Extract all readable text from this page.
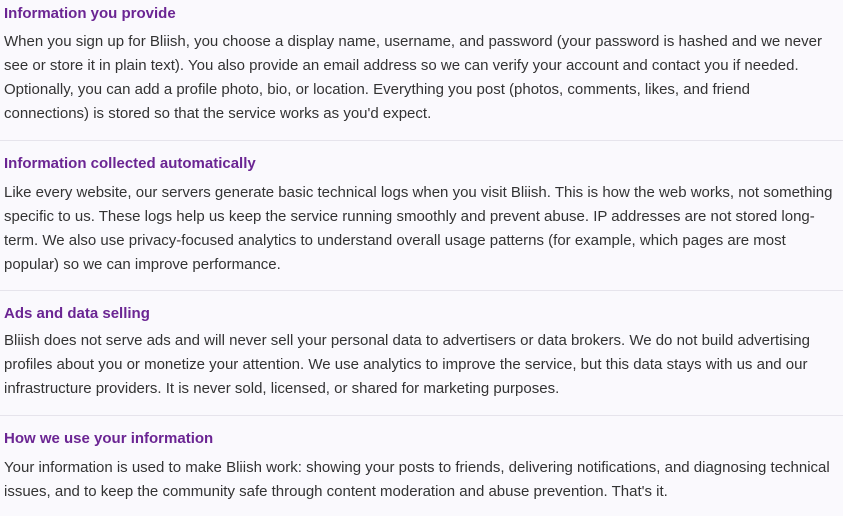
Information you provide

When you sign up for Bliish, you choose a display name, username, and password (your password is hashed and we never see or store it in plain text). You also provide an email address so we can verify your account and contact you if needed. Optionally, you can add a profile photo, bio, or location. Everything you post (photos, comments, likes, and friend connections) is stored so that the service works as you'd expect.

Information collected automatically

Like every website, our servers generate basic technical logs when you visit Bliish. This is how the web works, not something specific to us. These logs help us keep the service running smoothly and prevent abuse. IP addresses are not stored long-term. We also use privacy-focused analytics to understand overall usage patterns (for example, which pages are most popular) so we can improve performance.

Ads and data selling

Bliish does not serve ads and will never sell your personal data to advertisers or data brokers. We do not build advertising profiles about you or monetize your attention. We use analytics to improve the service, but this data stays with us and our infrastructure providers. It is never sold, licensed, or shared for marketing purposes.

How we use your information

Your information is used to make Bliish work: showing your posts to friends, delivering notifications, and diagnosing technical issues, and to keep the community safe through content moderation and abuse prevention. That's it.
